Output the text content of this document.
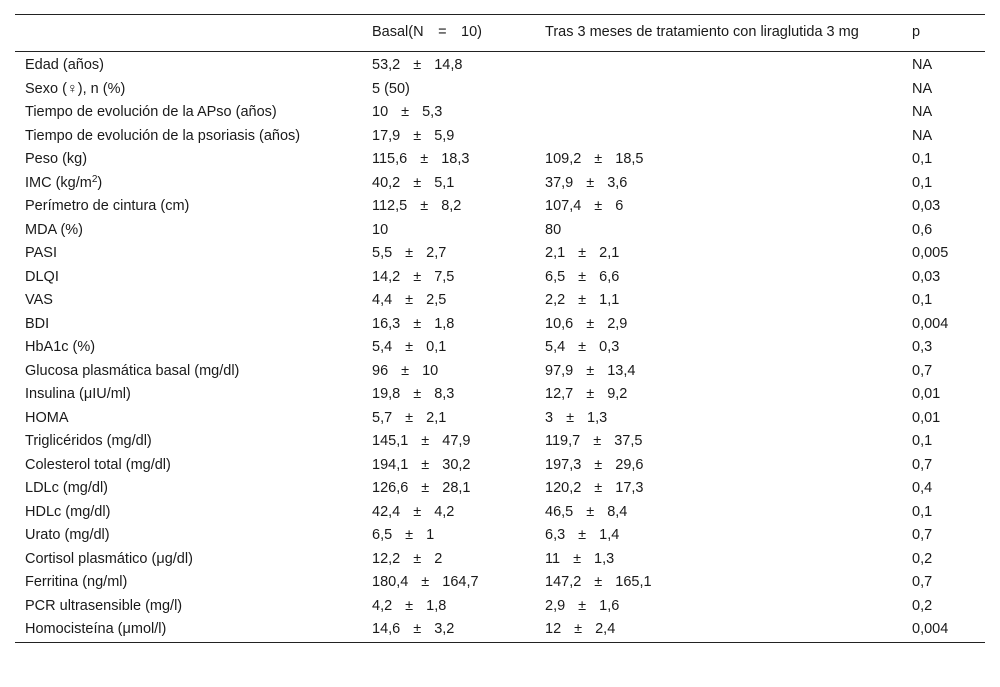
	Basal(N = 10)	Tras 3 meses de tratamiento con liraglutida 3 mg	p
Edad (años)	53,2 ± 14,8		NA
Sexo (♀), n (%)	5 (50)		NA
Tiempo de evolución de la APso (años)	10 ± 5,3		NA
Tiempo de evolución de la psoriasis (años)	17,9 ± 5,9		NA
Peso (kg)	115,6 ± 18,3	109,2 ± 18,5	0,1
IMC $(kg/m^2)$	40,2 ± 5,1	37,9 ± 3,6	0,1
Perímetro de cintura (cm)	112,5 ± 8,2	107,4 ± 6	0,03
MDA (%)	10	80	0,6
PASI	5,5 ± 2,7	2,1 ± 2,1	0,005
DLQI	14,2 ± 7,5	6,5 ± 6,6	0,03
VAS	4,4 ± 2,5	2,2 ± 1,1	0,1
BDI	16,3 ± 1,8	10,6 ± 2,9	0,004
HbA1c (%)	5,4 ± 0,1	5,4 ± 0,3	0,3
Glucosa plasmática basal (mg/dl)	96 ± 10	97,9 ± 13,4	0,7
Insulina (μIU/ml)	19,8 ± 8,3	12,7 ± 9,2	0,01
HOMA	5,7 ± 2,1	3 ± 1,3	0,01
Triglicéridos (mg/dl)	145,1 ± 47,9	119,7 ± 37,5	0,1
Colesterol total (mg/dl)	194,1 ± 30,2	197,3 ± 29,6	0,7
LDLc (mg/dl)	126,6 ± 28,1	120,2 ± 17,3	0,4
HDLc (mg/dl)	42,4 ± 4,2	46,5 ± 8,4	0,1
Urato (mg/dl)	6,5 ± 1	6,3 ± 1,4	0,7
Cortisol plasmático (μg/dl)	12,2 ± 2	11 ± 1,3	0,2
Ferritina (ng/ml)	180,4 ± 164,7	147,2 ± 165,1	0,7
PCR ultrasensible (mg/l)	4,2 ± 1,8	2,9 ± 1,6	0,2
Homocisteína (μmol/l)	14,6 ± 3,2	12 ± 2,4	0,004
